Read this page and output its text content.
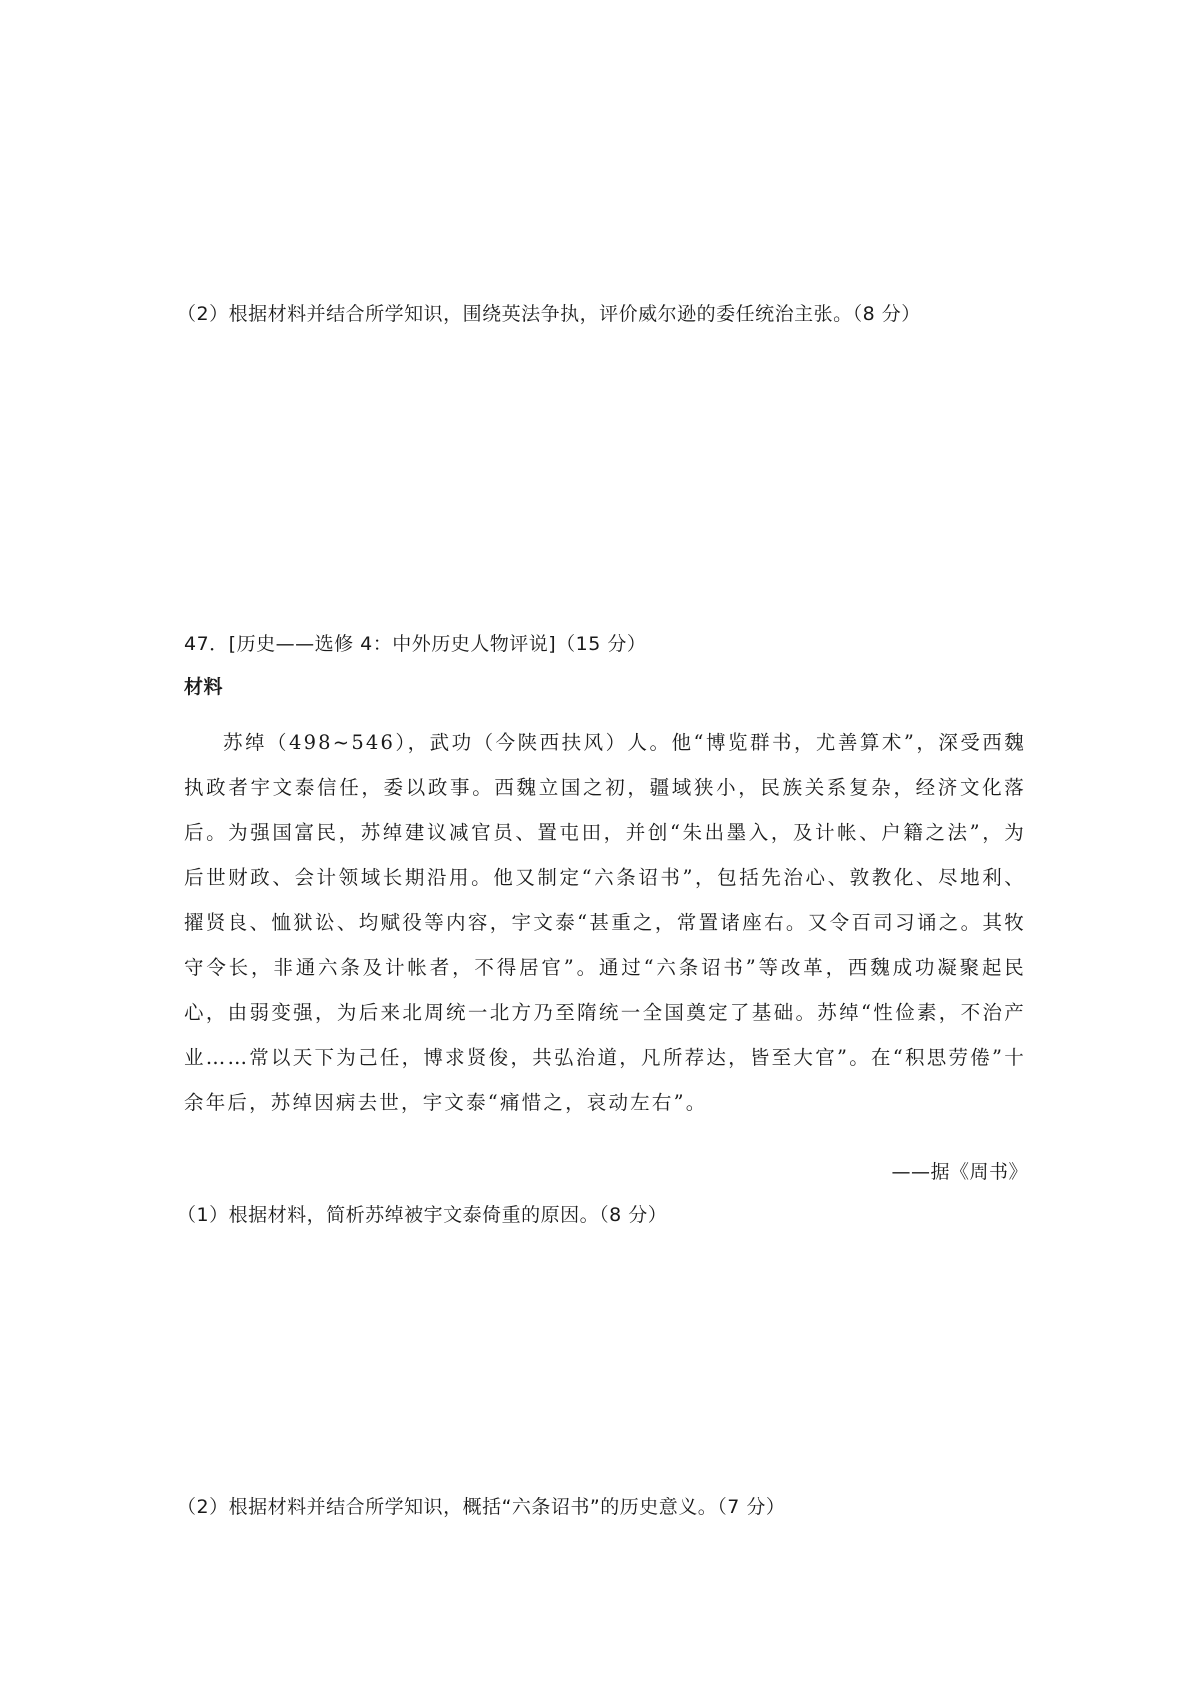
（2）根据材料并结合所学知识，围绕英法争执，评价威尔逊的委任统治主张。（8 分）
47．[历史——选修 4：中外历史人物评说]（15 分）
材料
苏绰（498~546），武功（今陕西扶风）人。他“博览群书，尤善算术”，深受西魏执政者宇文泰信任，委以政事。西魏立国之初，疆域狭小，民族关系复杂，经济文化落后。为强国富民，苏绰建议减官员、置屯田，并创“朱出墨入，及计帐、户籍之法”，为后世财政、会计领域长期沿用。他又制定“六条诏书”，包括先治心、敦教化、尽地利、擢贤良、恤狱讼、均赋役等内容，宇文泰“甚重之，常置诸座右。又令百司习诵之。其牧守令长，非通六条及计帐者，不得居官”。通过“六条诏书”等改革，西魏成功凝聚起民心，由弱变强，为后来北周统一北方乃至隋统一全国奠定了基础。苏绰“性俭素，不治产业……常以天下为己任，博求贤俊，共弘治道，凡所荐达，皆至大官”。在“积思劳倦”十余年后，苏绰因病去世，宇文泰“痛惜之，哀动左右”。
——据《周书》
（1）根据材料，简析苏绰被宇文泰倚重的原因。（8 分）
（2）根据材料并结合所学知识，概括“六条诏书”的历史意义。（7 分）
